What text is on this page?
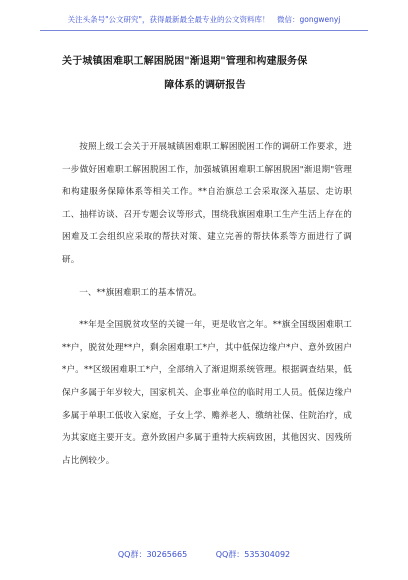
关注头条号"公文研究"，获得最新最全最专业的公文资料库！　微信：gongwenyj
关于城镇困难职工解困脱困"渐退期"管理和构建服务保
障体系的调研报告

按照上级工会关于开展城镇困难职工解困脱困工作的调研工作要求，进一步做好困难职工解困脱困工作，加强城镇困难职工解困脱困"渐退期"管理和构建服务保障体系等相关工作。**自治旗总工会采取深入基层、走访职工、抽样访谈、召开专题会议等形式，围绕我旗困难职工生产生活上存在的困难及工会组织应采取的帮扶对策、建立完善的帮扶体系等方面进行了调研。

一、**旗困难职工的基本情况。

**年是全国脱贫攻坚的关键一年，更是收官之年。**旗全国级困难职工**户，脱贫处理**户，剩余困难职工*户，其中低保边缘户*户、意外致困户*户。**区级困难职工*户，全部纳入了渐退期系统管理。根据调查结果，低保户多属于年岁较大，国家机关、企事业单位的临时用工人员。低保边缘户多属于单职工低收入家庭，子女上学、赡养老人、缴纳社保、住院治疗，成为其家庭主要开支。意外致困户多属于重特大疾病致困，其他因灾、因残所占比例较少。

QQ群：30265665	QQ群：535304092
